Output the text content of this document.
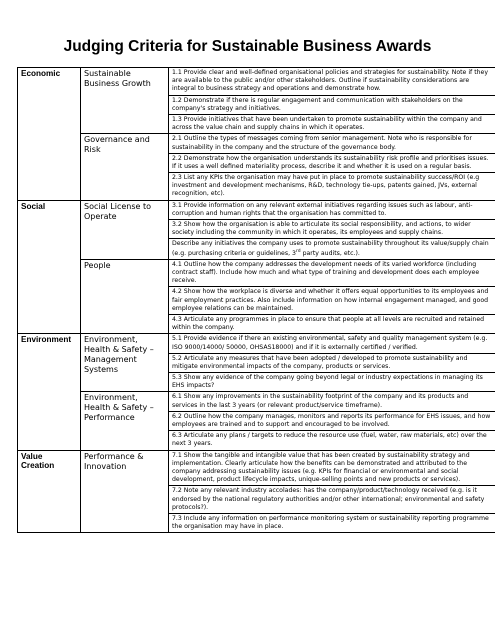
Judging Criteria for Sustainable Business Awards
Economic	Sustainable Business Growth	1.1 Provide clear and well-defined organisational policies and strategies for sustainability. Note if they are available to the public and/or other stakeholders. Outline if sustainability considerations are integral to business strategy and operations and demonstrate how.
		1.2 Demonstrate if there is regular engagement and communication with stakeholders on the company's strategy and initiatives.
		1.3 Provide initiatives that have been undertaken to promote sustainability within the company and across the value chain and supply chains in which it operates.
	Governance and Risk	2.1 Outline the types of messages coming from senior management. Note who is responsible for sustainability in the company and the structure of the governance body.
		2.2 Demonstrate how the organisation understands its sustainability risk profile and prioritises issues. If it uses a well defined materiality process, describe it and whether it is used on a regular basis.
		2.3 List any KPIs the organisation may have put in place to promote sustainability success/ROI (e.g investment and development mechanisms, R&D, technology tie-ups, patents gained, JVs, external recognition, etc).
Social	Social License to Operate	3.1 Provide information on any relevant external initiatives regarding issues such as labour, anti-corruption and human rights that the organisation has committed to.
		3.2 Show how the organisation is able to articulate its social responsibility, and actions, to wider society including the community in which it operates, its employees and supply chains.
		Describe any initiatives the company uses to promote sustainability throughout its value/supply chain (e.g. purchasing criteria or guidelines, 3rd party audits, etc.).
	People	4.1 Outline how the company addresses the development needs of its varied workforce (including contract staff). Include how much and what type of training and development does each employee receive.
		4.2 Show how the workplace is diverse and whether it offers equal opportunities to its employees and fair employment practices. Also include information on how internal engagement managed, and good employee relations can be maintained.
		4.3 Articulate any programmes in place to ensure that people at all levels are recruited and retained within the company.
Environment	Environment, Health & Safety – Management Systems	5.1 Provide evidence if there an existing environmental, safety and quality management system (e.g. ISO 9000/14000/ 50000, OHSAS18000) and if it is externally certified / verified.
		5.2 Articulate any measures that have been adopted / developed to promote sustainability and mitigate environmental impacts of the company, products or services.
		5.3 Show any evidence of the company going beyond legal or industry expectations in managing its EHS impacts?
	Environment, Health & Safety – Performance	6.1 Show any improvements in the sustainability footprint of the company and its products and services in the last 3 years (or relevant product/service timeframe).
		6.2 Outline how the company manages, monitors and reports its performance for EHS issues, and how employees are trained and to support and encouraged to be involved.
		6.3 Articulate any plans / targets to reduce the resource use (fuel, water, raw materials, etc) over the next 3 years.
Value Creation	Performance & Innovation	7.1 Show the tangible and intangible value that has been created by sustainability strategy and implementation. Clearly articulate how the benefits can be demonstrated and attributed to the company addressing sustainability issues (e.g. KPIs for financial or environmental and social development, product lifecycle impacts, unique-selling points and new products or services).
		7.2 Note any relevant industry accolades: has the company/product/technology received (e.g. is it endorsed by the national regulatory authorities and/or other international; environmental and safety protocols?).
		7.3 Include any information on performance monitoring system or sustainability reporting programme the organisation may have in place.
